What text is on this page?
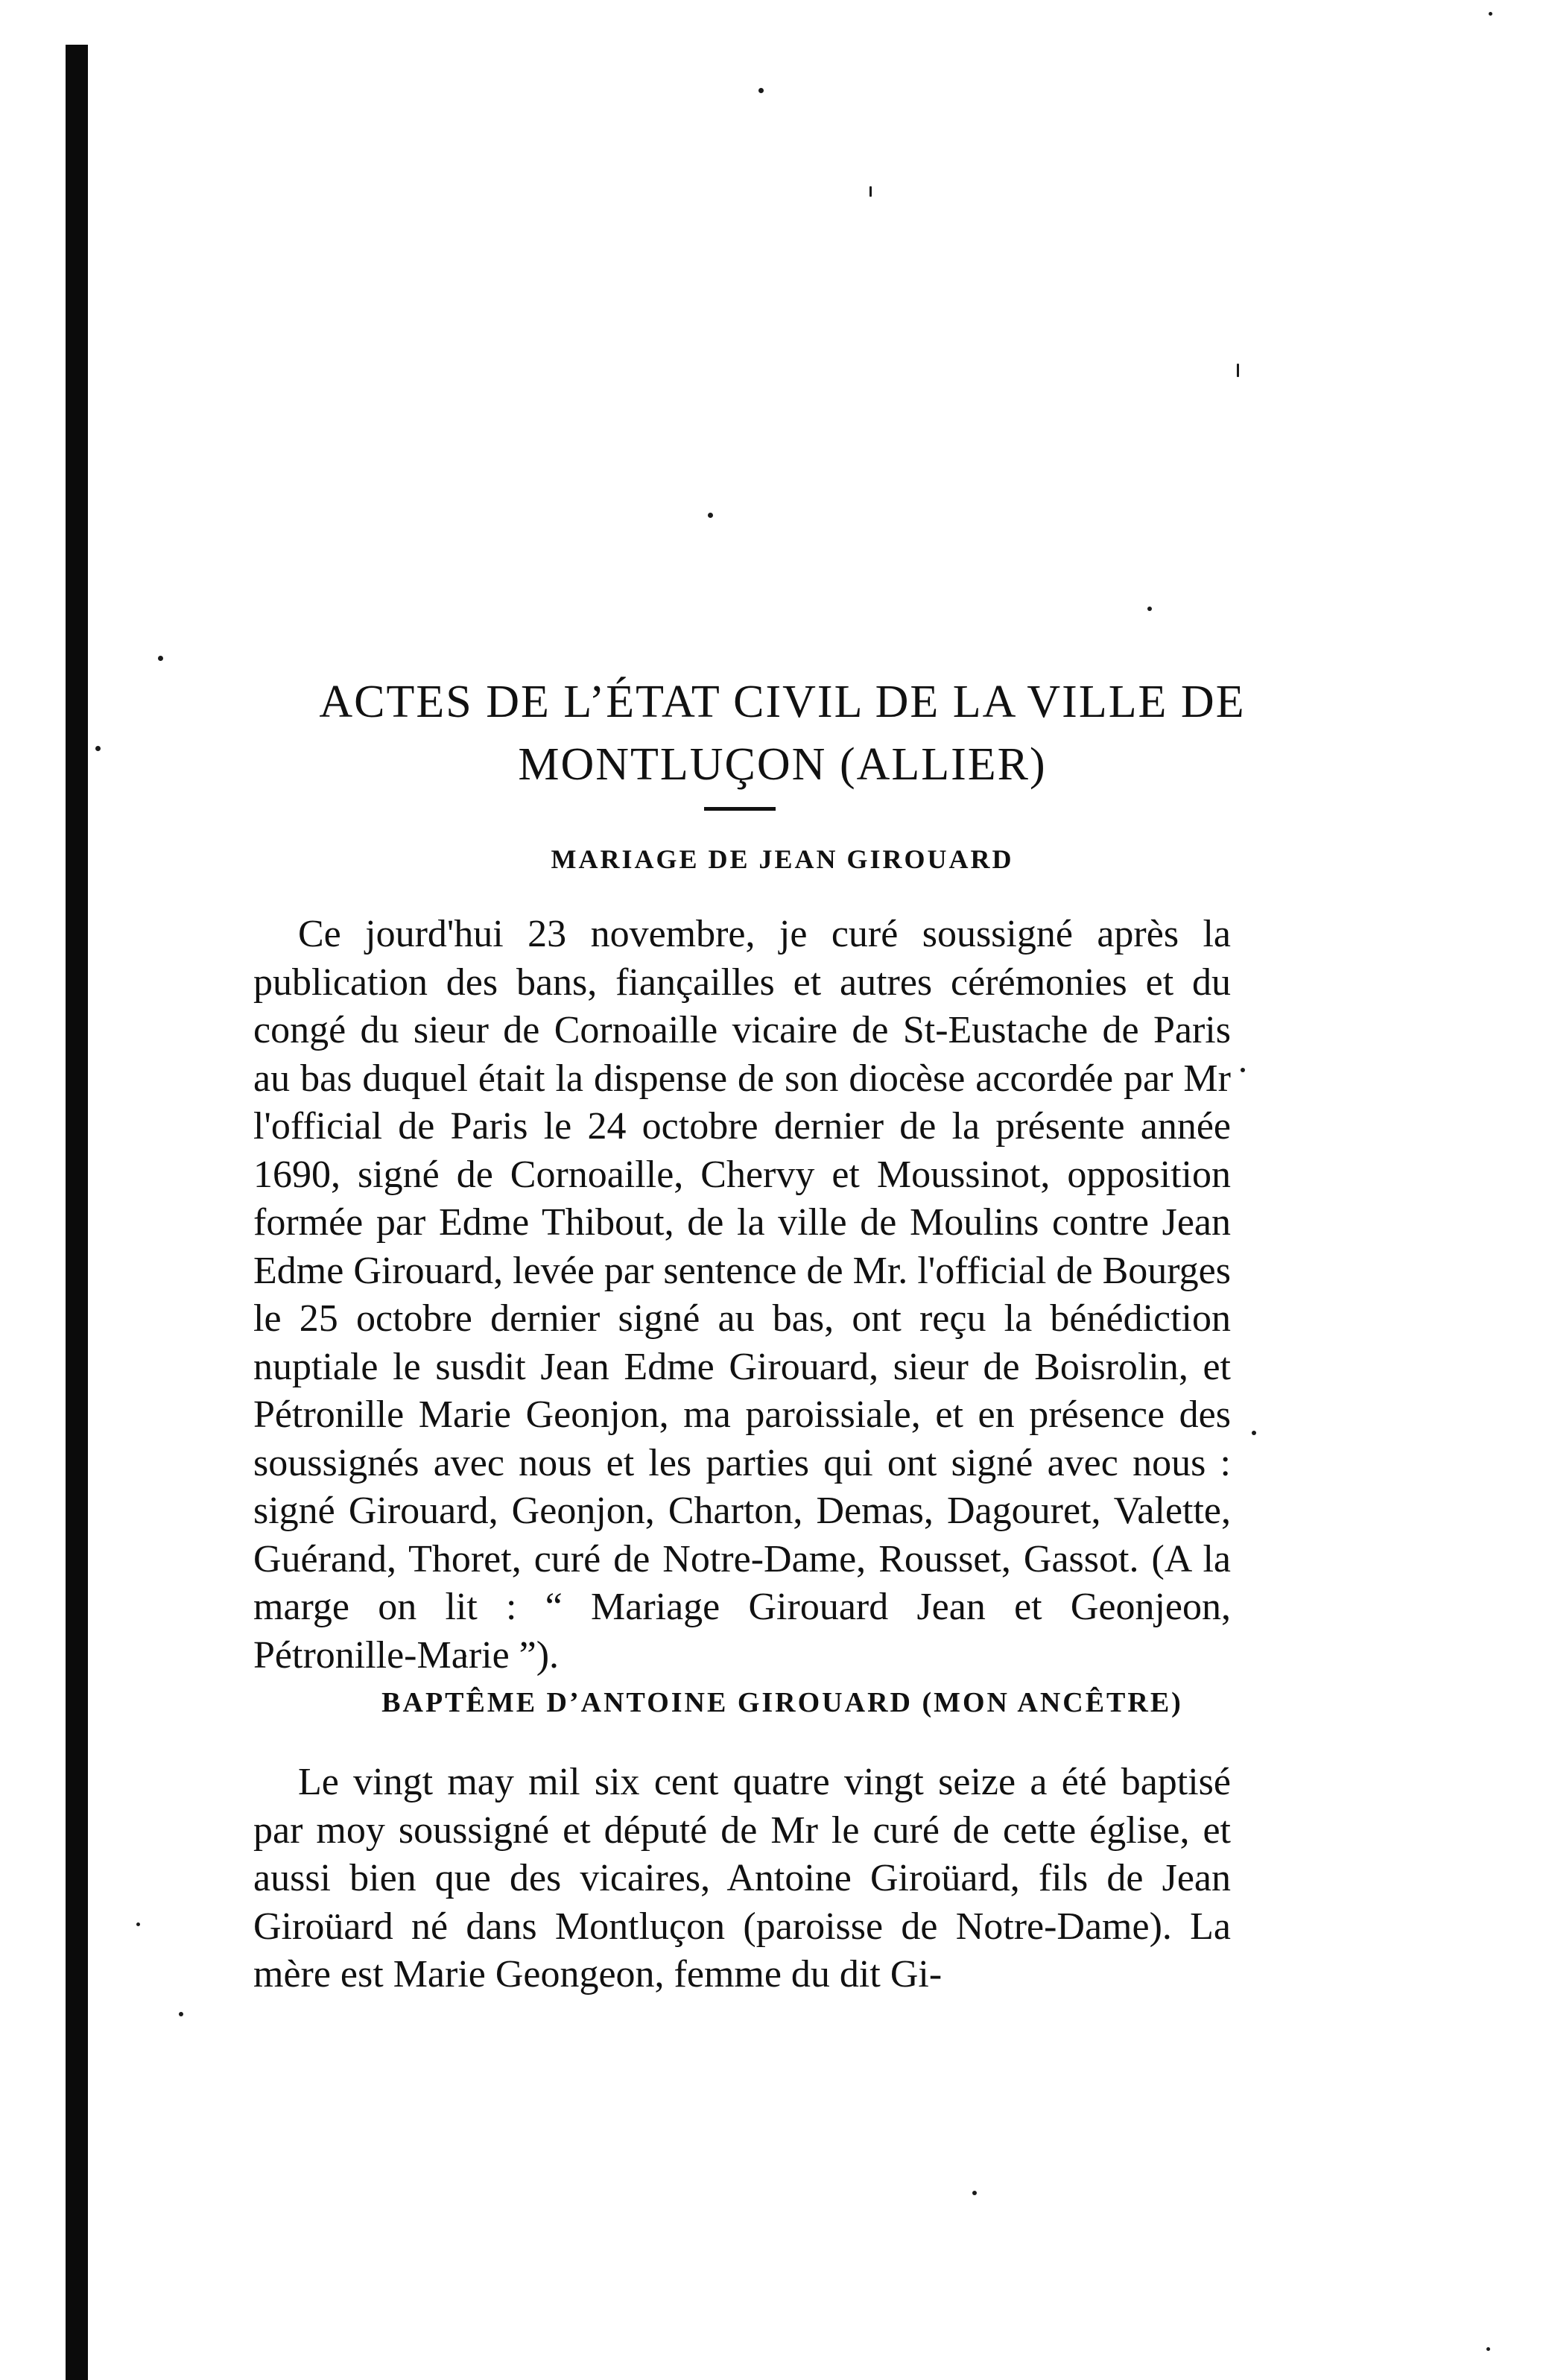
ACTES DE L’ÉTAT CIVIL DE LA VILLE DE
MONTLUÇON (ALLIER)
MARIAGE DE JEAN GIROUARD

Ce jourd'hui 23 novembre, je curé soussigné après la publication des bans, fiançailles et autres cérémonies et du congé du sieur de Cornoaille vicaire de St-Eustache de Paris au bas duquel était la dispense de son diocèse accordée par Mr l'official de Paris le 24 octobre dernier de la présente année 1690, signé de Cornoaille, Chervy et Moussinot, opposition formée par Edme Thibout, de la ville de Moulins contre Jean Edme Girouard, levée par sentence de Mr. l'official de Bourges le 25 octobre dernier signé au bas, ont reçu la bénédiction nuptiale le susdit Jean Edme Girouard, sieur de Boisrolin, et Pétronille Marie Geonjon, ma paroissiale, et en présence des soussignés avec nous et les parties qui ont signé avec nous : signé Girouard, Geonjon, Charton, Demas, Dagouret, Valette, Guérand, Thoret, curé de Notre-Dame, Rousset, Gassot. (A la marge on lit : “ Mariage Girouard Jean et Geonjeon, Pétronille-Marie ”).

BAPTÊME D’ANTOINE GIROUARD (MON ANCÊTRE)

Le vingt may mil six cent quatre vingt seize a été baptisé par moy soussigné et député de Mr le curé de cette église, et aussi bien que des vicaires, Antoine Giroüard, fils de Jean Giroüard né dans Montluçon (paroisse de Notre-Dame). La mère est Marie Geongeon, femme du dit Gi-
